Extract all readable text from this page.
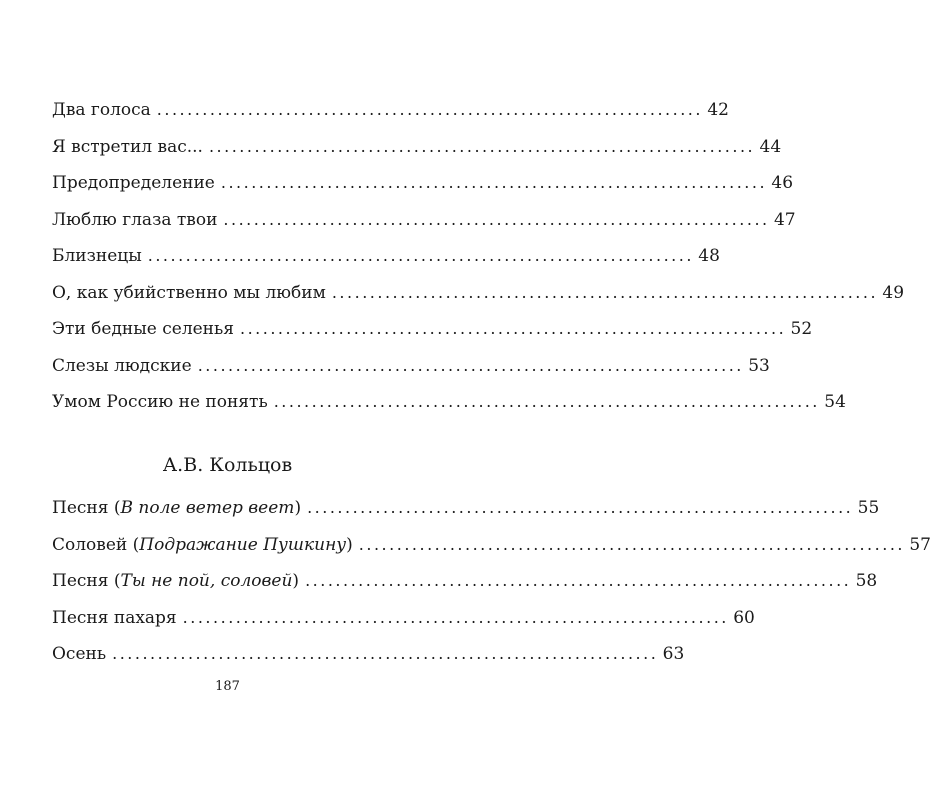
Два голоса ........................................................................ 42
Я встретил вас... ........................................................................ 44
Предопределение ........................................................................ 46
Люблю глаза твои ........................................................................ 47
Близнецы ........................................................................ 48
О, как убийственно мы любим ........................................................................ 49
Эти бедные селенья ........................................................................ 52
Слезы людские ........................................................................ 53
Умом Россию не понять ........................................................................ 54
А.В. Кольцов
Песня (В поле ветер веет) ........................................................................ 55
Соловей (Подражание Пушкину) ........................................................................ 57
Песня (Ты не пой, соловей) ........................................................................ 58
Песня пахаря ........................................................................ 60
Осень ........................................................................ 63
187
